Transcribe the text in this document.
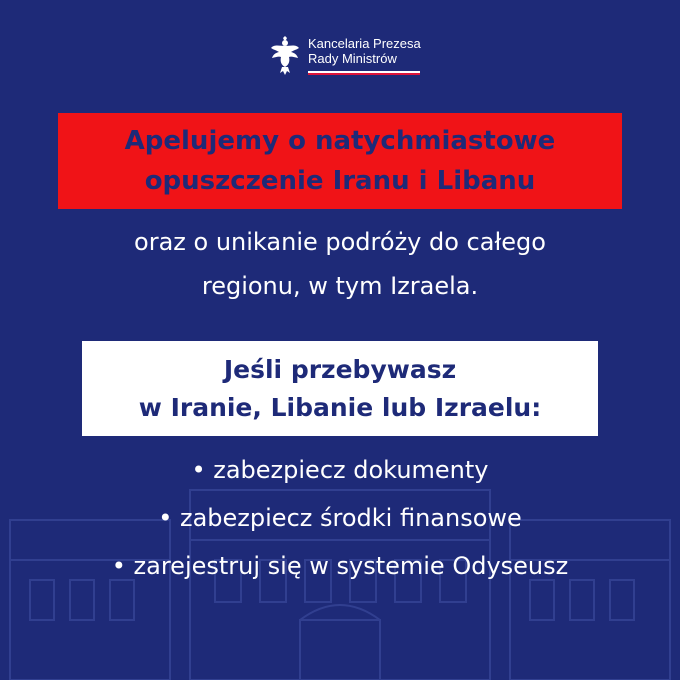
Kancelaria Prezesa
Rady Ministrów
Apelujemy o natychmiastowe
opuszczenie Iranu i Libanu
oraz o unikanie podróży do całego
regionu, w tym Izraela.
Jeśli przebywasz
w Iranie, Libanie lub Izraelu:
• zabezpiecz dokumenty
• zabezpiecz środki finansowe
• zarejestruj się w systemie Odyseusz
